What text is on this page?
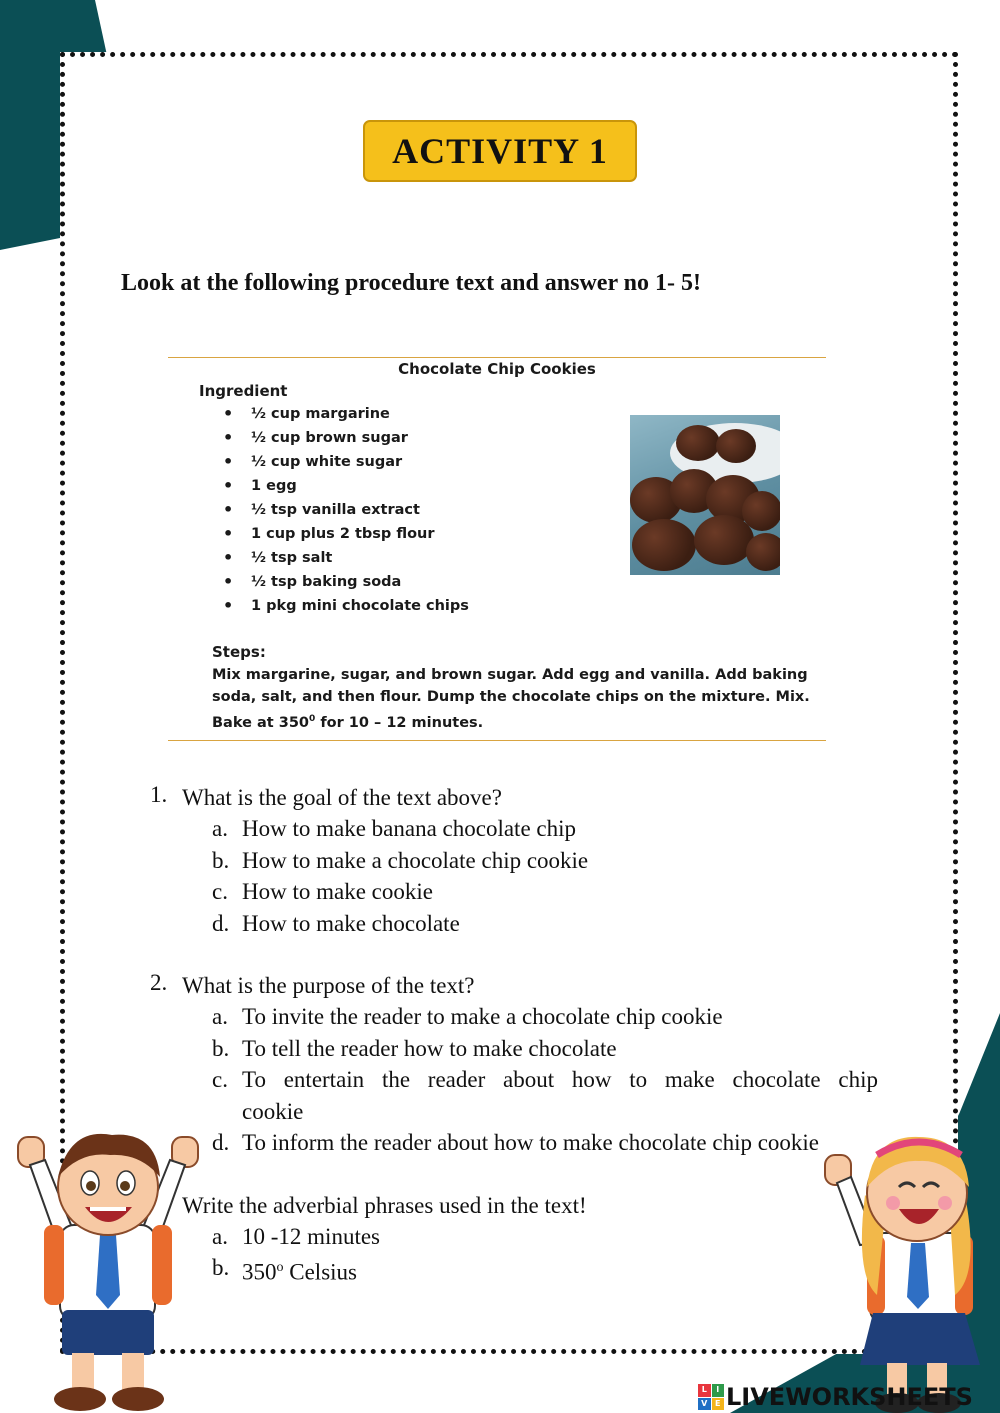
ACTIVITY 1
Look at the following procedure text and answer no 1- 5!
Chocolate Chip Cookies
Ingredient
• ½ cup margarine
• ½ cup brown sugar
• ½ cup white sugar
• 1 egg
• ½ tsp vanilla extract
• 1 cup plus 2 tbsp flour
• ½ tsp salt
• ½ tsp baking soda
• 1 pkg mini chocolate chips
Steps:
Mix margarine, sugar, and brown sugar. Add egg and vanilla. Add baking soda, salt, and then flour. Dump the chocolate chips on the mixture. Mix. Bake at $350^0$ for 10 – 12 minutes.
1. What is the goal of the text above?
a. How to make banana chocolate chip
b. How to make a chocolate chip cookie
c. How to make cookie
d. How to make chocolate
2. What is the purpose of the text?
a. To invite the reader to make a chocolate chip cookie
b. To tell the reader how to make chocolate
c. To entertain the reader about how to make chocolate chip
cookie
d. To inform the reader about how to make chocolate chip cookie
Write the adverbial phrases used in the text!
a. 10 -12 minutes
b. 350$^o$ Celsius
L	I
V E LIVEWORKSHEETS
